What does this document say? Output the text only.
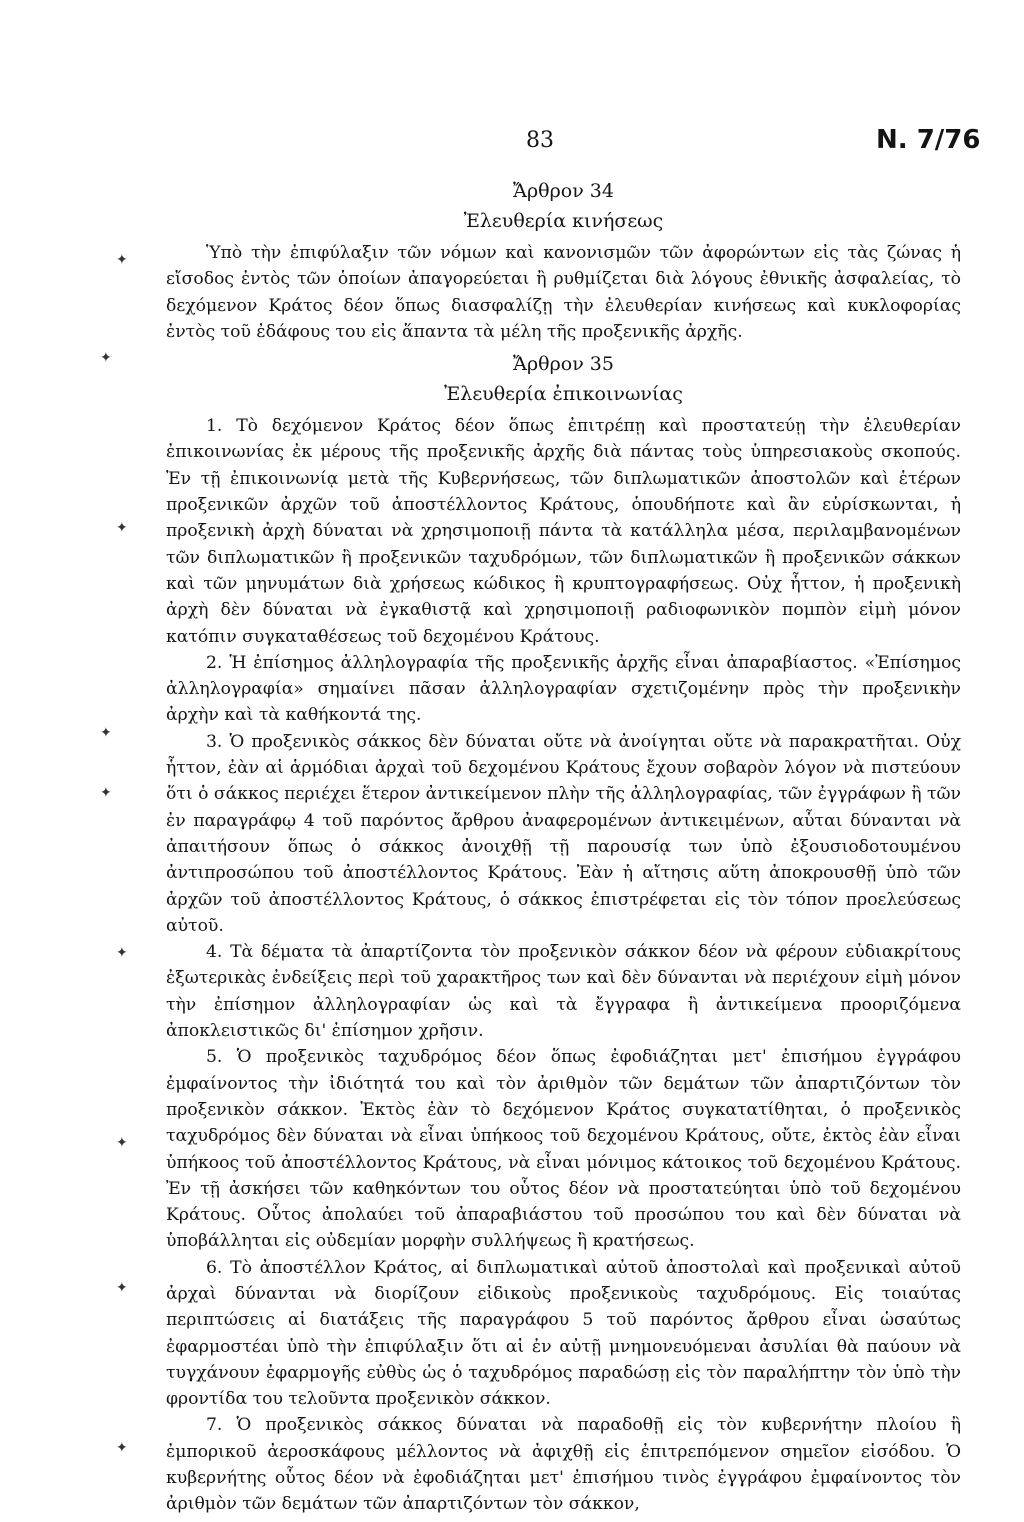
83	Ν. 7/76
✦
✦
✦
✦
✦
✦
✦
✦
✦
Ἄρθρον 34
Ἐλευθερία κινήσεως

Ὑπὸ τὴν ἐπιφύλαξιν τῶν νόμων καὶ κανονισμῶν τῶν ἀφορώντων εἰς τὰς ζώνας ἡ εἴσοδος ἐντὸς τῶν ὁποίων ἀπαγορεύεται ἢ ρυθμίζεται διὰ λόγους ἐθνικῆς ἀσφαλείας, τὸ δεχόμενον Κράτος δέον ὅπως διασφαλίζῃ τὴν ἐλευθερίαν κινήσεως καὶ κυκλοφορίας ἐντὸς τοῦ ἐδάφους του εἰς ἅπαντα τὰ μέλη τῆς προξενικῆς ἀρχῆς.

Ἄρθρον 35
Ἐλευθερία ἐπικοινωνίας

1. Τὸ δεχόμενον Κράτος δέον ὅπως ἐπιτρέπῃ καὶ προστατεύῃ τὴν ἐλευθερίαν ἐπικοινωνίας ἐκ μέρους τῆς προξενικῆς ἀρχῆς διὰ πάντας τοὺς ὑπηρεσιακοὺς σκοπούς. Ἐν τῇ ἐπικοινωνίᾳ μετὰ τῆς Κυβερνήσεως, τῶν διπλωματικῶν ἀποστολῶν καὶ ἑτέρων προξενικῶν ἀρχῶν τοῦ ἀποστέλλοντος Κράτους, ὁπουδήποτε καὶ ἂν εὑρίσκωνται, ἡ προξενικὴ ἀρχὴ δύναται νὰ χρησιμοποιῇ πάντα τὰ κατάλληλα μέσα, περιλαμβανομένων τῶν διπλωματικῶν ἢ προξενικῶν ταχυδρόμων, τῶν διπλωματικῶν ἢ προξενικῶν σάκκων καὶ τῶν μηνυμάτων διὰ χρήσεως κώδικος ἢ κρυπτογραφήσεως. Οὐχ ἧττον, ἡ προξενικὴ ἀρχὴ δὲν δύναται νὰ ἐγκαθιστᾷ καὶ χρησιμοποιῇ ραδιοφωνικὸν πομπὸν εἰμὴ μόνον κατόπιν συγκαταθέσεως τοῦ δεχομένου Κράτους.

2. Ἡ ἐπίσημος ἀλληλογραφία τῆς προξενικῆς ἀρχῆς εἶναι ἀπαραβίαστος. «Ἐπίσημος ἀλληλογραφία» σημαίνει πᾶσαν ἀλληλογραφίαν σχετιζομένην πρὸς τὴν προξενικὴν ἀρχὴν καὶ τὰ καθήκοντά της.

3. Ὁ προξενικὸς σάκκος δὲν δύναται οὔτε νὰ ἀνοίγηται οὔτε νὰ παρακρατῆται. Οὐχ ἧττον, ἐὰν αἱ ἁρμόδιαι ἀρχαὶ τοῦ δεχομένου Κράτους ἔχουν σοβαρὸν λόγον νὰ πιστεύουν ὅτι ὁ σάκκος περιέχει ἕτερον ἀντικείμενον πλὴν τῆς ἀλληλογραφίας, τῶν ἐγγράφων ἢ τῶν ἐν παραγράφῳ 4 τοῦ παρόντος ἄρθρου ἀναφερομένων ἀντικειμένων, αὗται δύνανται νὰ ἀπαιτήσουν ὅπως ὁ σάκκος ἀνοιχθῇ τῇ παρουσίᾳ των ὑπὸ ἐξουσιοδοτουμένου ἀντιπροσώπου τοῦ ἀποστέλλοντος Κράτους. Ἐὰν ἡ αἴτησις αὕτη ἀποκρουσθῇ ὑπὸ τῶν ἀρχῶν τοῦ ἀποστέλλοντος Κράτους, ὁ σάκκος ἐπιστρέφεται εἰς τὸν τόπον προελεύσεως αὐτοῦ.

4. Τὰ δέματα τὰ ἀπαρτίζοντα τὸν προξενικὸν σάκκον δέον νὰ φέρουν εὐδιακρίτους ἐξωτερικὰς ἐνδείξεις περὶ τοῦ χαρακτῆρος των καὶ δὲν δύνανται νὰ περιέχουν εἰμὴ μόνον τὴν ἐπίσημον ἀλληλογραφίαν ὡς καὶ τὰ ἔγγραφα ἢ ἀντικείμενα προοριζόμενα ἀποκλειστικῶς δι' ἐπίσημον χρῆσιν.

5. Ὁ προξενικὸς ταχυδρόμος δέον ὅπως ἐφοδιάζηται μετ' ἐπισήμου ἐγγράφου ἐμφαίνοντος τὴν ἰδιότητά του καὶ τὸν ἀριθμὸν τῶν δεμάτων τῶν ἀπαρτιζόντων τὸν προξενικὸν σάκκον. Ἐκτὸς ἐὰν τὸ δεχόμενον Κράτος συγκατατίθηται, ὁ προξενικὸς ταχυδρόμος δὲν δύναται νὰ εἶναι ὑπήκοος τοῦ δεχομένου Κράτους, οὔτε, ἐκτὸς ἐὰν εἶναι ὑπήκοος τοῦ ἀποστέλλοντος Κράτους, νὰ εἶναι μόνιμος κάτοικος τοῦ δεχομένου Κράτους. Ἐν τῇ ἀσκήσει τῶν καθηκόντων του οὗτος δέον νὰ προστατεύηται ὑπὸ τοῦ δεχομένου Κράτους. Οὗτος ἀπολαύει τοῦ ἀπαραβιάστου τοῦ προσώπου του καὶ δὲν δύναται νὰ ὑποβάλληται εἰς οὐδεμίαν μορφὴν συλλήψεως ἢ κρατήσεως.

6. Τὸ ἀποστέλλον Κράτος, αἱ διπλωματικαὶ αὐτοῦ ἀποστολαὶ καὶ προξενικαὶ αὐτοῦ ἀρχαὶ δύνανται νὰ διορίζουν εἰδικοὺς προξενικοὺς ταχυδρόμους. Εἰς τοιαύτας περιπτώσεις αἱ διατάξεις τῆς παραγράφου 5 τοῦ παρόντος ἄρθρου εἶναι ὡσαύτως ἐφαρμοστέαι ὑπὸ τὴν ἐπιφύλαξιν ὅτι αἱ ἐν αὐτῇ μνημονευόμεναι ἀσυλίαι θὰ παύουν νὰ τυγχάνουν ἐφαρμογῆς εὐθὺς ὡς ὁ ταχυδρόμος παραδώσῃ εἰς τὸν παραλήπτην τὸν ὑπὸ τὴν φροντίδα του τελοῦντα προξενικὸν σάκκον.

7. Ὁ προξενικὸς σάκκος δύναται νὰ παραδοθῇ εἰς τὸν κυβερνήτην πλοίου ἢ ἐμπορικοῦ ἀεροσκάφους μέλλοντος νὰ ἀφιχθῇ εἰς ἐπιτρεπόμενον σημεῖον εἰσόδου. Ὁ κυβερνήτης οὗτος δέον νὰ ἐφοδιάζηται μετ' ἐπισήμου τινὸς ἐγγράφου ἐμφαίνοντος τὸν ἀριθμὸν τῶν δεμάτων τῶν ἀπαρτιζόντων τὸν σάκκον,
